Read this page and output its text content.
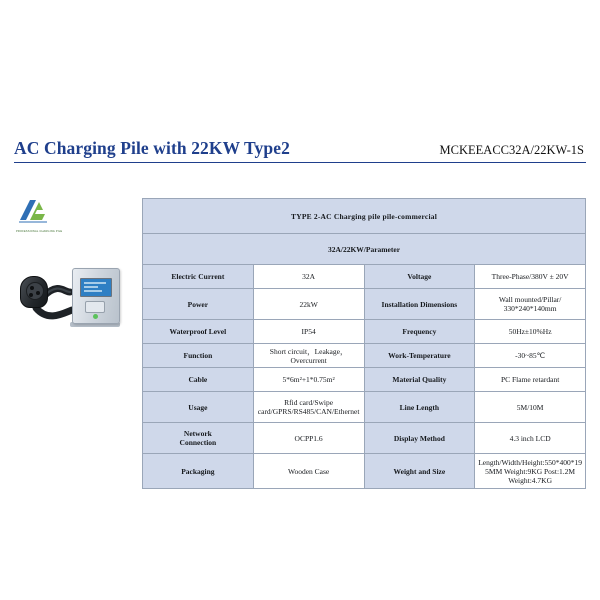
AC Charging Pile with 22KW Type2	MCKEEACC32A/22KW-1S
PROFESSIONAL CHARGING PILE
TYPE 2-AC Charging pile pile-commercial			
32A/22KW/Parameter			
Electric Current	32A	Voltage	Three-Phase/380V ± 20V
Power	22kW	Installation Dimensions	Wall mounted/Pillar/
330*240*140mm
Waterproof Level	IP54	Frequency	50Hz±10%Hz
Function	Short circuit，Leakage，Overcurrent	Work-Temperature	-30~85℃
Cable	5*6m²+1*0.75m²	Material Quality	PC Flame retardant
Usage	Rfid card/Swipe
card/GPRS/RS485/CAN/Ethernet	Line Length	5M/10M
Network
Connection	OCPP1.6	Display Method	4.3 inch LCD
Packaging	Wooden Case	Weight and Size	Length/Width/Height:550*400*19
5MM Weight:9KG Post:1.2M
Weight:4.7KG
